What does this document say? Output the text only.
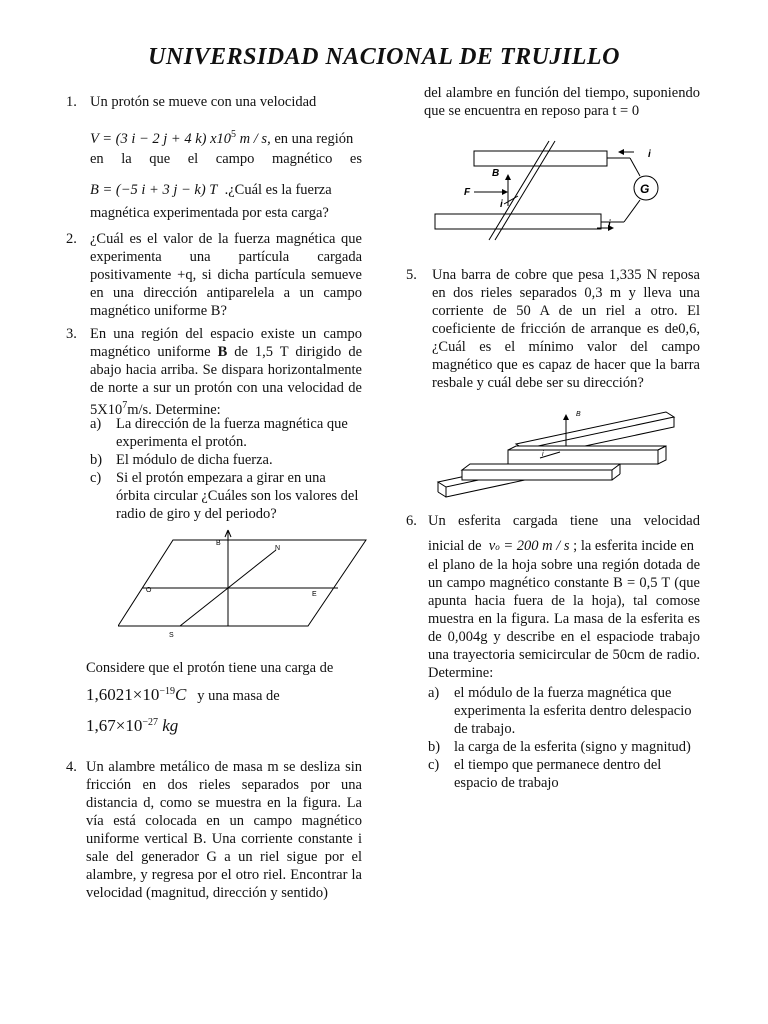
UNIVERSIDAD NACIONAL DE TRUJILLO
1. Un protón se mueve con una velocidad
V = (3 i − 2 j + 4 k) $x10^5$ m / s, en una región
en la que el campo magnético es
B = (−5 i + 3 j − k) T .¿Cuál es la fuerza
magnética experimentada por esta carga?
2. ¿Cuál es el valor de la fuerza magnética que experimenta una partícula cargada positivamente +q, si dicha partícula semueve en una dirección antiparelela a un campo magnético uniforme B?
3. En una región del espacio existe un campo magnético uniforme B de 1,5 T dirigido de abajo hacia arriba. Se dispara horizontalmente de norte a sur un protón con una velocidad de $5X10^7m/s$. Determine:
a) La dirección de la fuerza magnética que experimenta el protón.
b) El módulo de dicha fuerza.
c) Si el protón empezara a girar en una órbita circular ¿Cuáles son los valores del radio de giro y del periodo?
B
N
O
E
S
Considere que el protón tiene una carga de
$1,6021\times 10^{-19}C$ y una masa de
$1,67\times 10^{-27}$ kg
4. Un alambre metálico de masa m se desliza sin fricción en dos rieles separados por una distancia d, como se muestra en la figura. La vía está colocada en un campo magnético uniforme vertical B. Una corriente constante i sale del generador G a un riel sigue por el alambre, y regresa por el otro riel. Encontrar la velocidad (magnitud, dirección y sentido)
del alambre en función del tiempo, suponiendo que se encuentra en reposo para t = 0
i
B
F
i
G
i
5. Una barra de cobre que pesa 1,335 N reposa en dos rieles separados 0,3 m y lleva una corriente de 50 A de un riel a otro. El coeficiente de fricción de arranque es de0,6, ¿Cuál es el mínimo valor del campo magnético que es capaz de hacer que la barra resbale y cuál debe ser su dirección?
B
i
6. Un esferita cargada tiene una velocidad
inicial de vo = 200 m / s ; la esferita incide en
el plano de la hoja sobre una región dotada de un campo magnético constante B = 0,5 T (que apunta hacia fuera de la hoja), tal comose muestra en la figura. La masa de la esferita es de 0,004g y describe en el espaciode trabajo una trayectoria semicircular de 50cm de radio. Determine:
a) el módulo de la fuerza magnética que experimenta la esferita dentro delespacio de trabajo.
b) la carga de la esferita (signo y magnitud)
c) el tiempo que permanece dentro del espacio de trabajo
